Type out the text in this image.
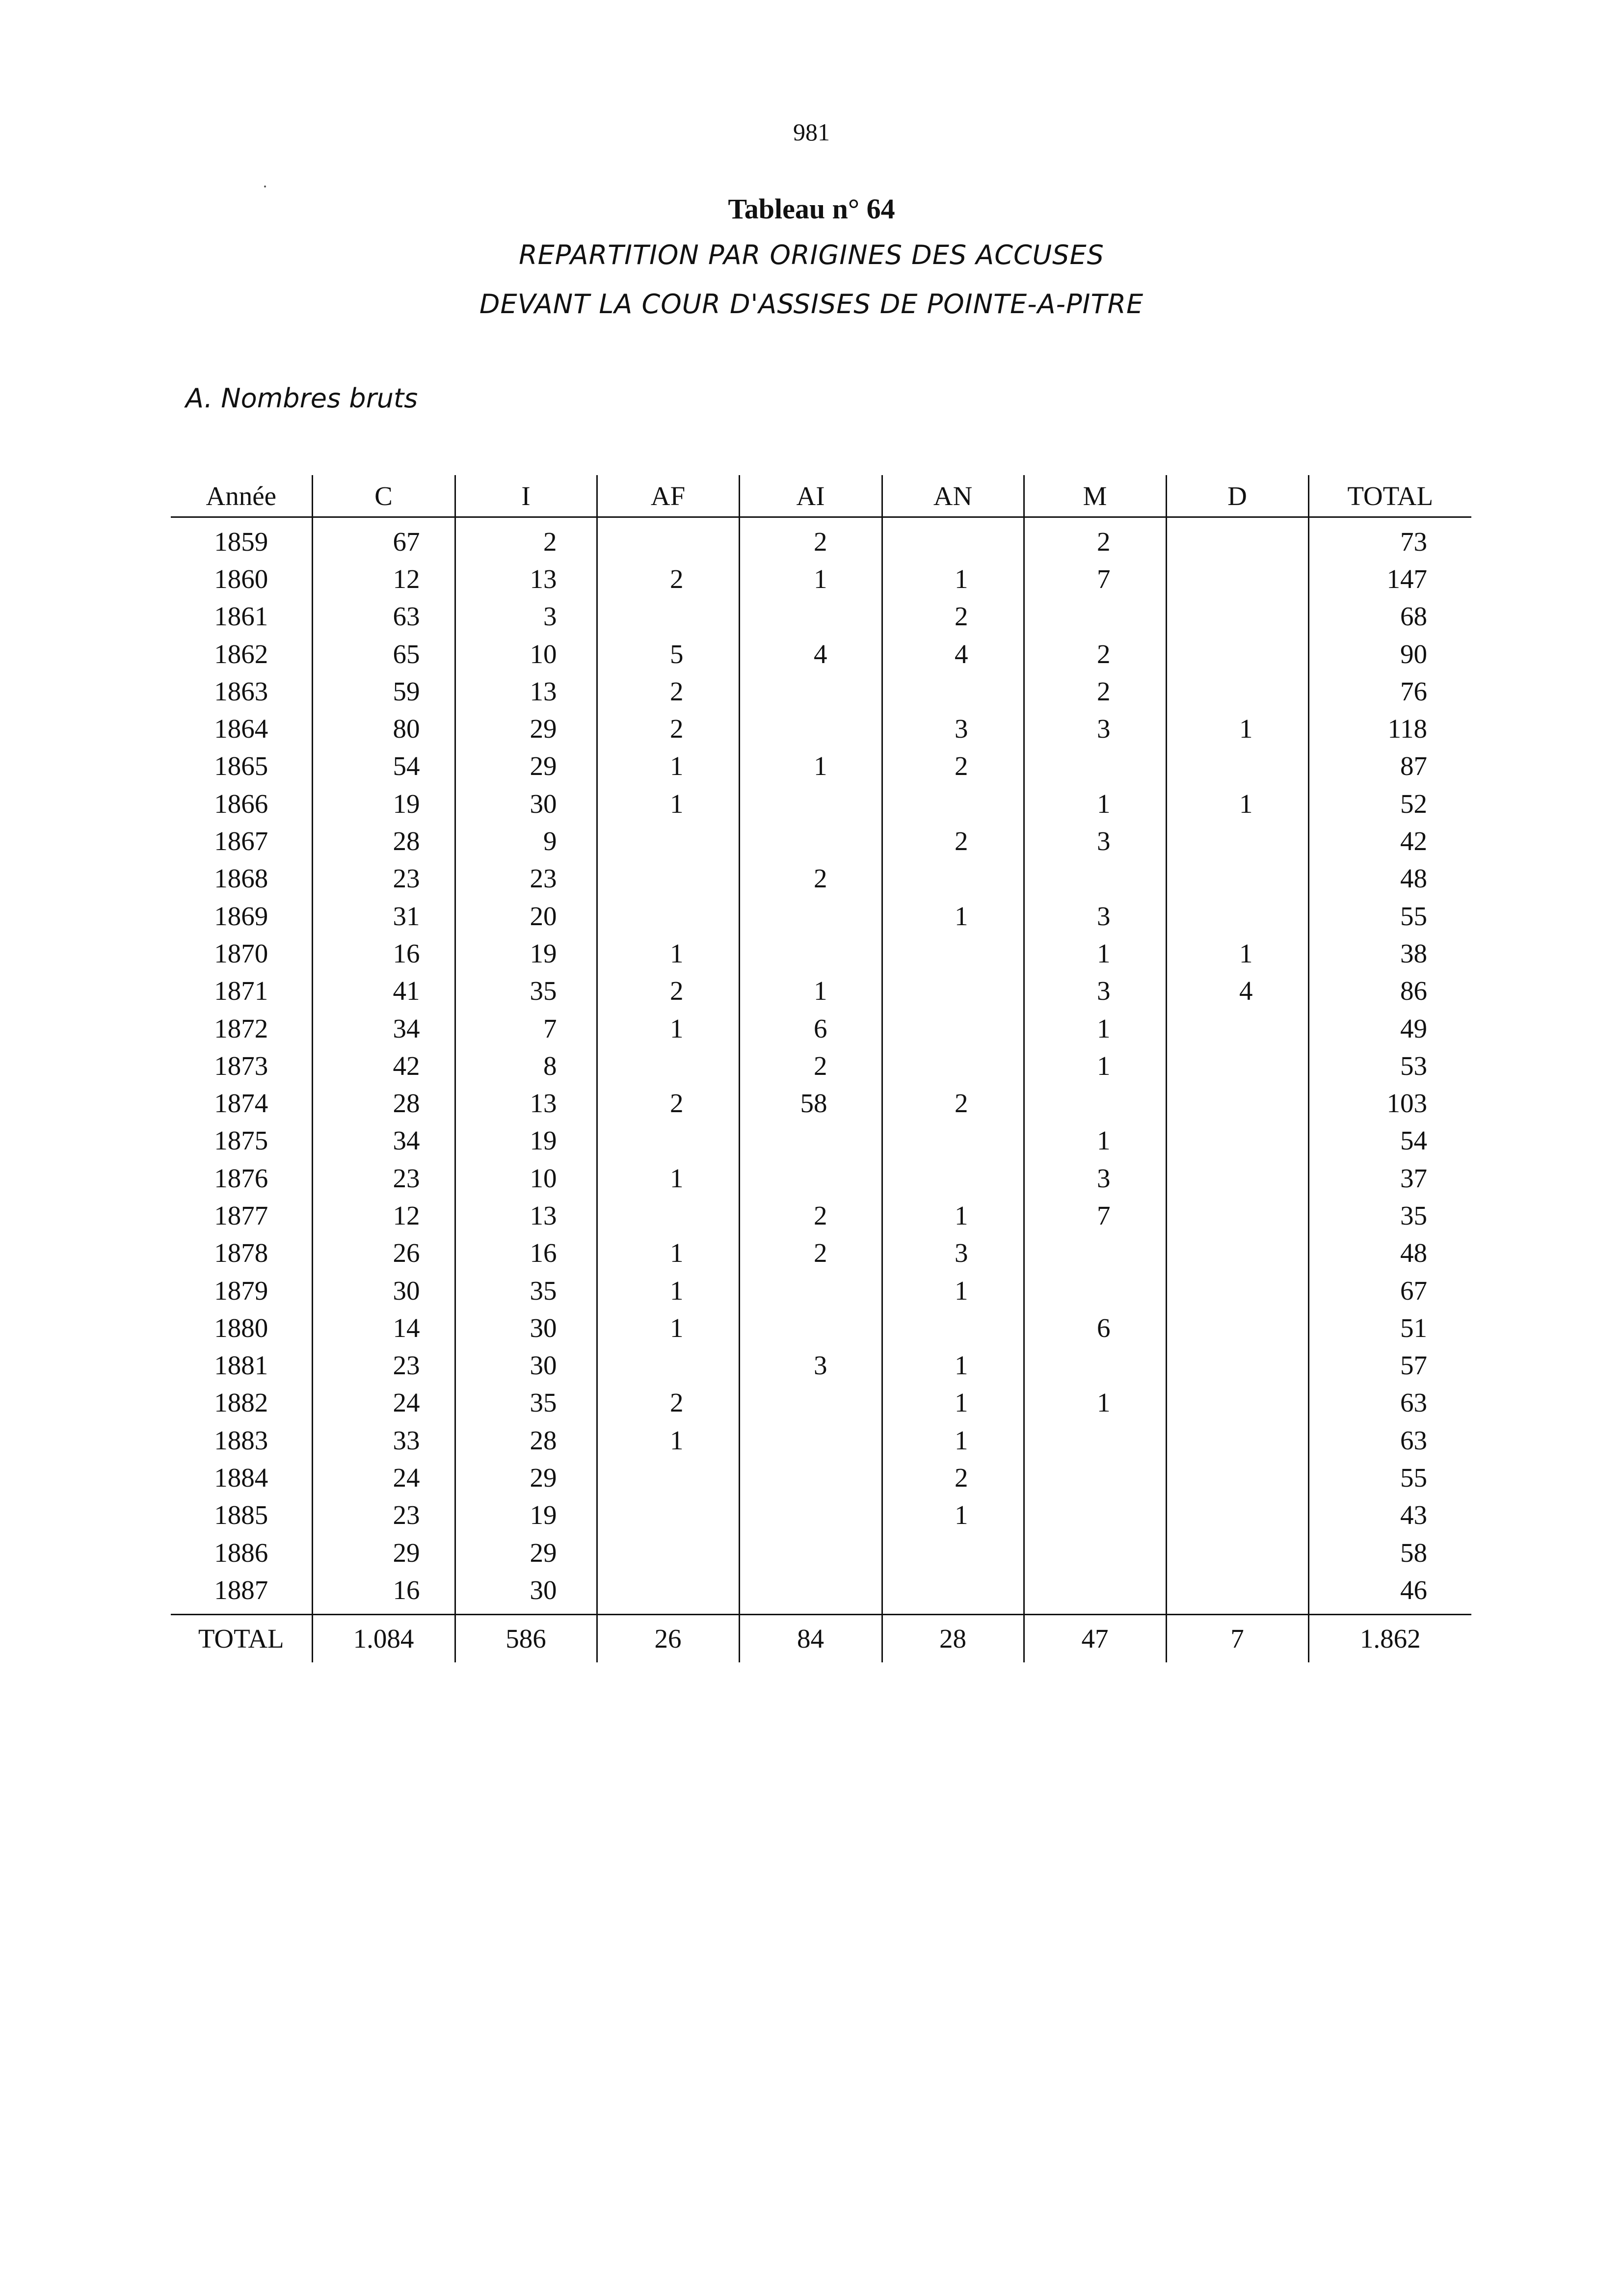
981
Tableau n° 64
REPARTITION PAR ORIGINES DES ACCUSES
DEVANT LA COUR D'ASSISES DE POINTE-A-PITRE
A. Nombres bruts
Année	C	I	AF	AI	AN	M	D	TOTAL
1859	67	2		2		2		73
1860	12	13	2	1	1	7		147
1861	63	3			2			68
1862	65	10	5	4	4	2		90
1863	59	13	2			2		76
1864	80	29	2		3	3	1	118
1865	54	29	1	1	2			87
1866	19	30	1			1	1	52
1867	28	9			2	3		42
1868	23	23		2				48
1869	31	20			1	3		55
1870	16	19	1			1	1	38
1871	41	35	2	1		3	4	86
1872	34	7	1	6		1		49
1873	42	8		2		1		53
1874	28	13	2	58	2			103
1875	34	19				1		54
1876	23	10	1			3		37
1877	12	13		2	1	7		35
1878	26	16	1	2	3			48
1879	30	35	1		1			67
1880	14	30	1			6		51
1881	23	30		3	1			57
1882	24	35	2		1	1		63
1883	33	28	1		1			63
1884	24	29			2			55
1885	23	19			1			43
1886	29	29						58
1887	16	30						46
TOTAL	1.084	586	26	84	28	47	7	1.862
